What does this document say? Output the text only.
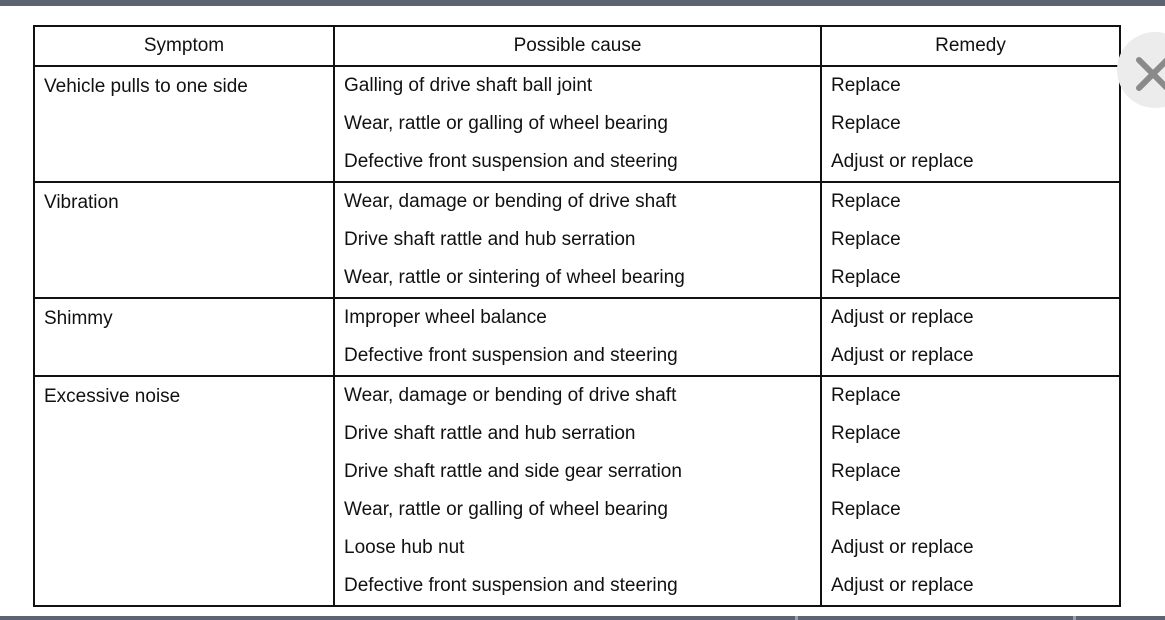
Symptom	Possible cause	Remedy
Vehicle pulls to one side	Galling of drive shaft ball joint	Replace
	Wear, rattle or galling of wheel bearing	Replace
	Defective front suspension and steering	Adjust or replace
Vibration	Wear, damage or bending of drive shaft	Replace
	Drive shaft rattle and hub serration	Replace
	Wear, rattle or sintering of wheel bearing	Replace
Shimmy	Improper wheel balance	Adjust or replace
	Defective front suspension and steering	Adjust or replace
Excessive noise	Wear, damage or bending of drive shaft	Replace
	Drive shaft rattle and hub serration	Replace
	Drive shaft rattle and side gear serration	Replace
	Wear, rattle or galling of wheel bearing	Replace
	Loose hub nut	Adjust or replace
	Defective front suspension and steering	Adjust or replace
